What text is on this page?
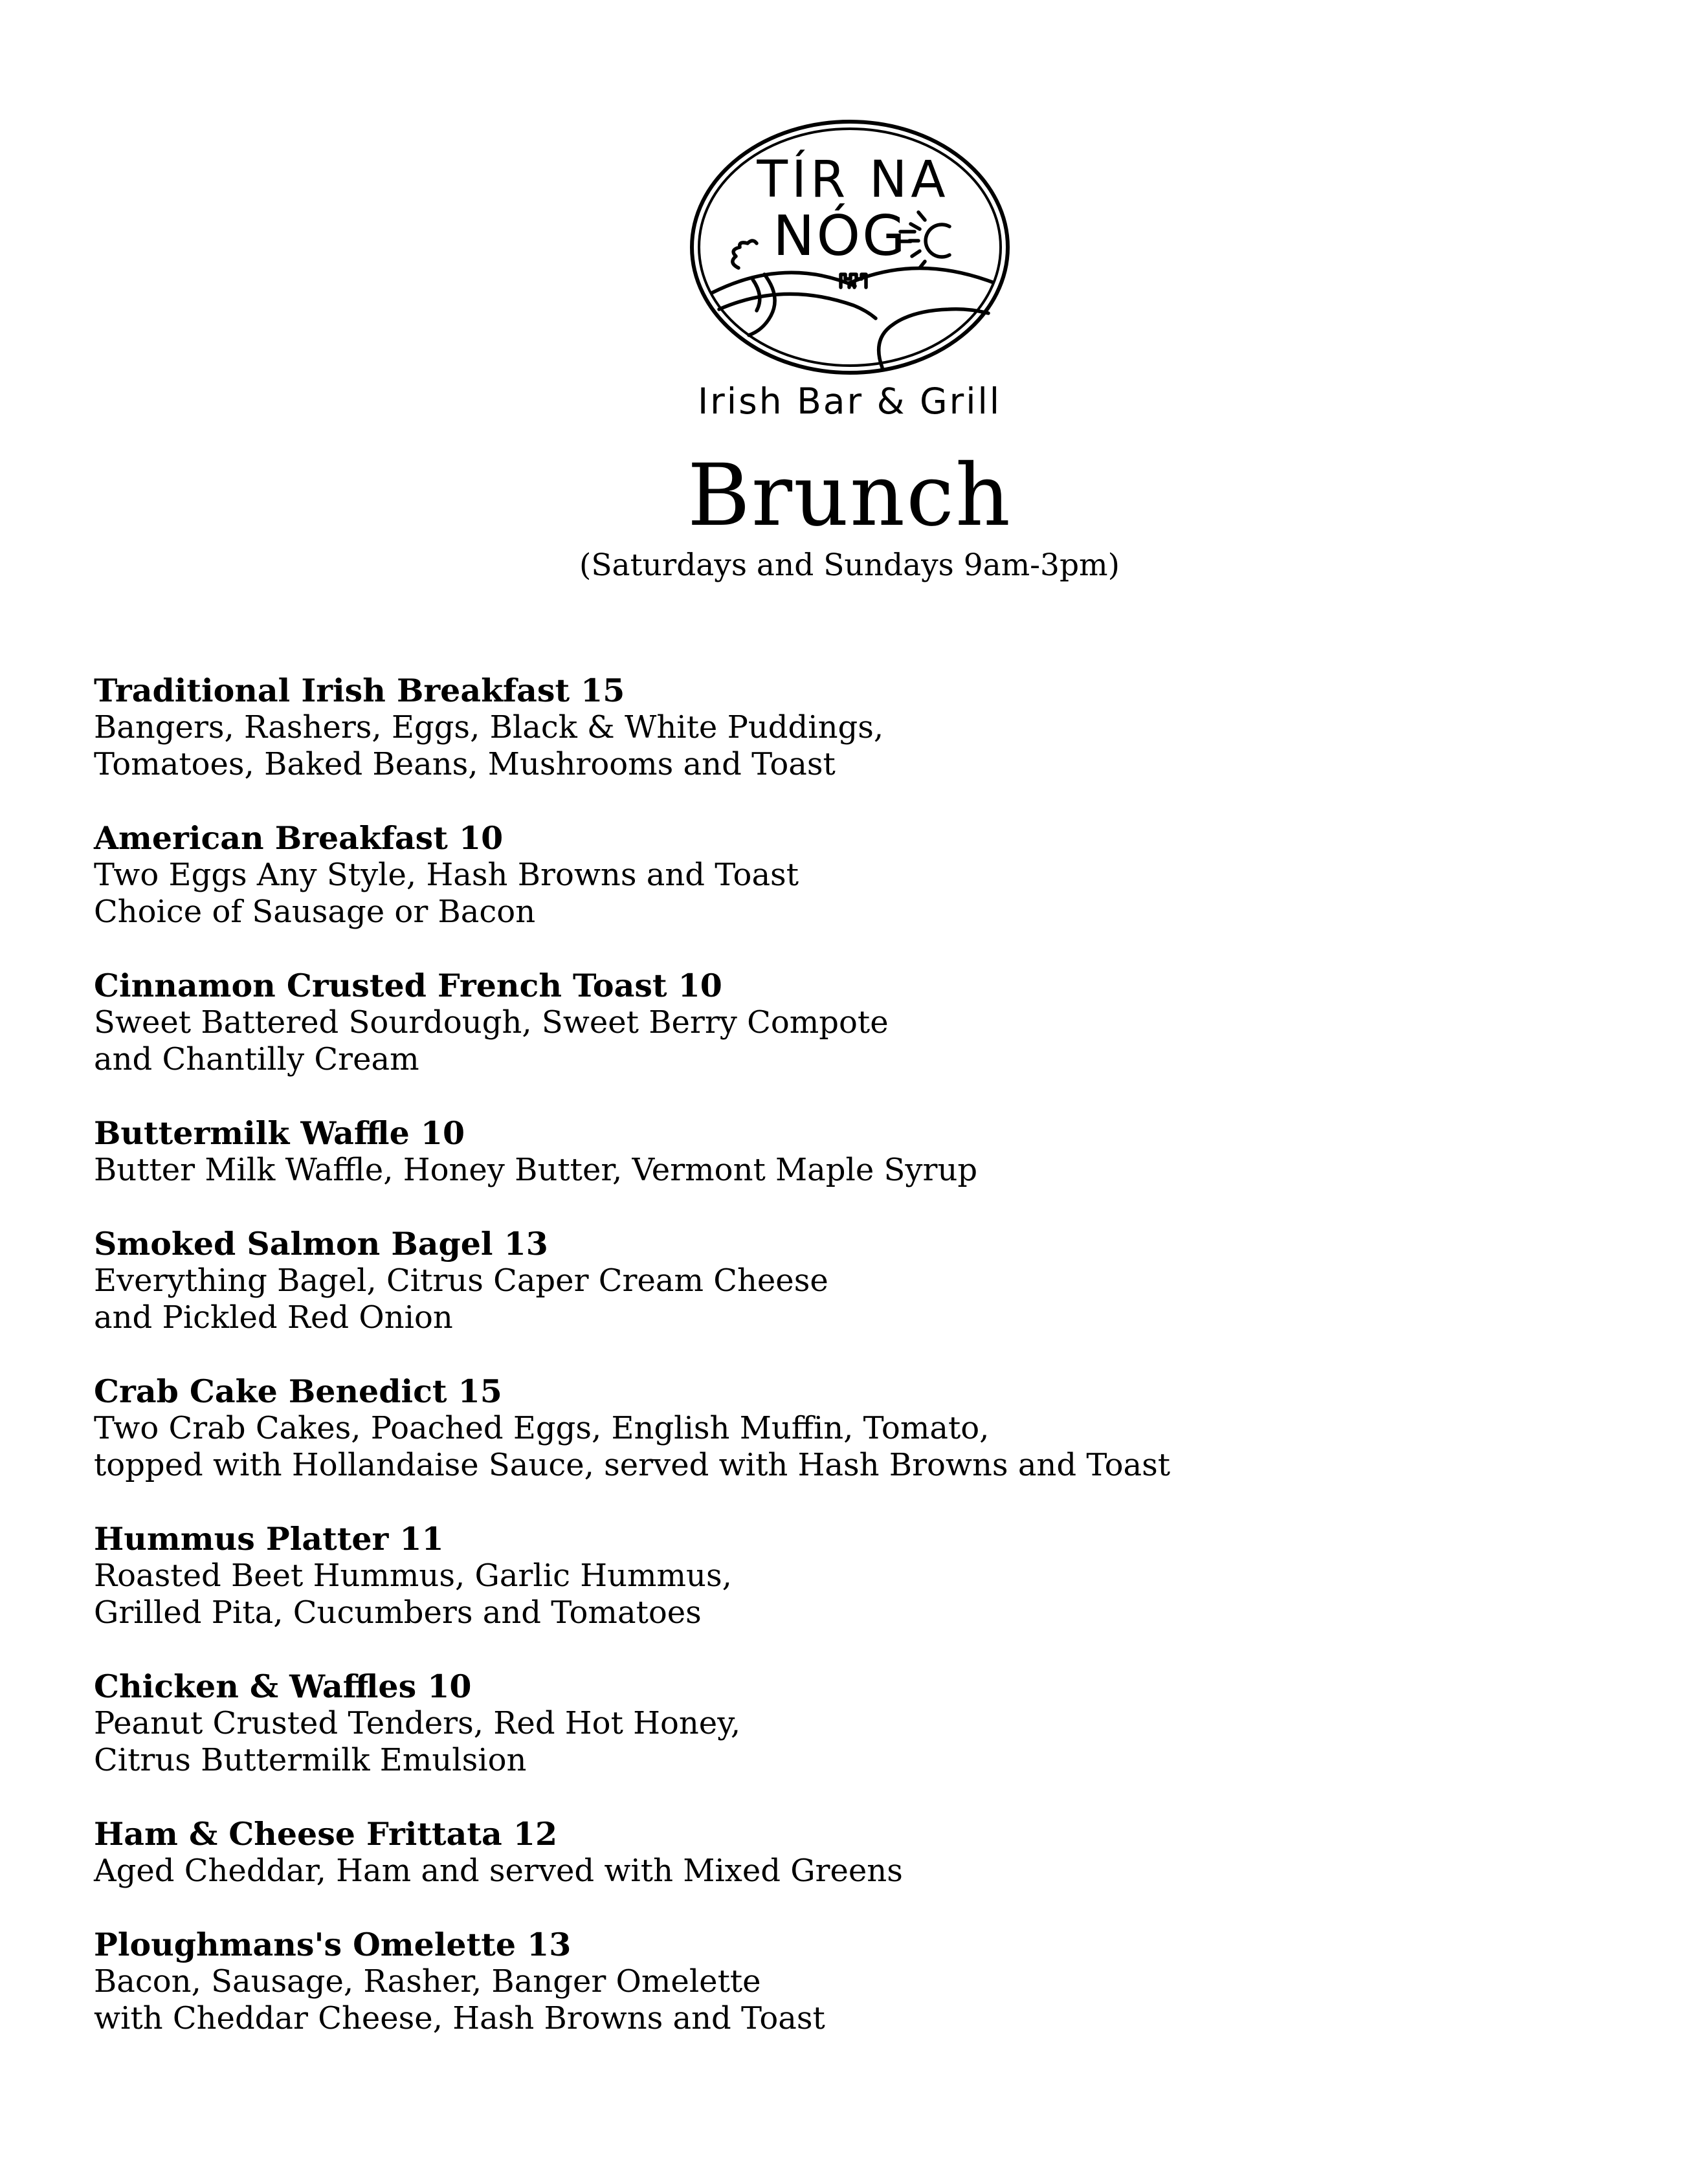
TÍR NA
NÓG
Irish Bar & Grill
Brunch
(Saturdays and Sundays 9am-3pm)
Traditional Irish Breakfast 15
Bangers, Rashers, Eggs, Black & White Puddings,
Tomatoes, Baked Beans, Mushrooms and Toast
American Breakfast 10
Two Eggs Any Style, Hash Browns and Toast
Choice of Sausage or Bacon
Cinnamon Crusted French Toast 10
Sweet Battered Sourdough, Sweet Berry Compote
and Chantilly Cream
Buttermilk Waffle 10
Butter Milk Waffle, Honey Butter, Vermont Maple Syrup
Smoked Salmon Bagel 13
Everything Bagel, Citrus Caper Cream Cheese
and Pickled Red Onion
Crab Cake Benedict 15
Two Crab Cakes, Poached Eggs, English Muffin, Tomato,
topped with Hollandaise Sauce, served with Hash Browns and Toast
Hummus Platter 11
Roasted Beet Hummus, Garlic Hummus,
Grilled Pita, Cucumbers and Tomatoes
Chicken & Waffles 10
Peanut Crusted Tenders, Red Hot Honey,
Citrus Buttermilk Emulsion
Ham & Cheese Frittata 12
Aged Cheddar, Ham and served with Mixed Greens
Ploughmans's Omelette 13
Bacon, Sausage, Rasher, Banger Omelette
with Cheddar Cheese, Hash Browns and Toast
